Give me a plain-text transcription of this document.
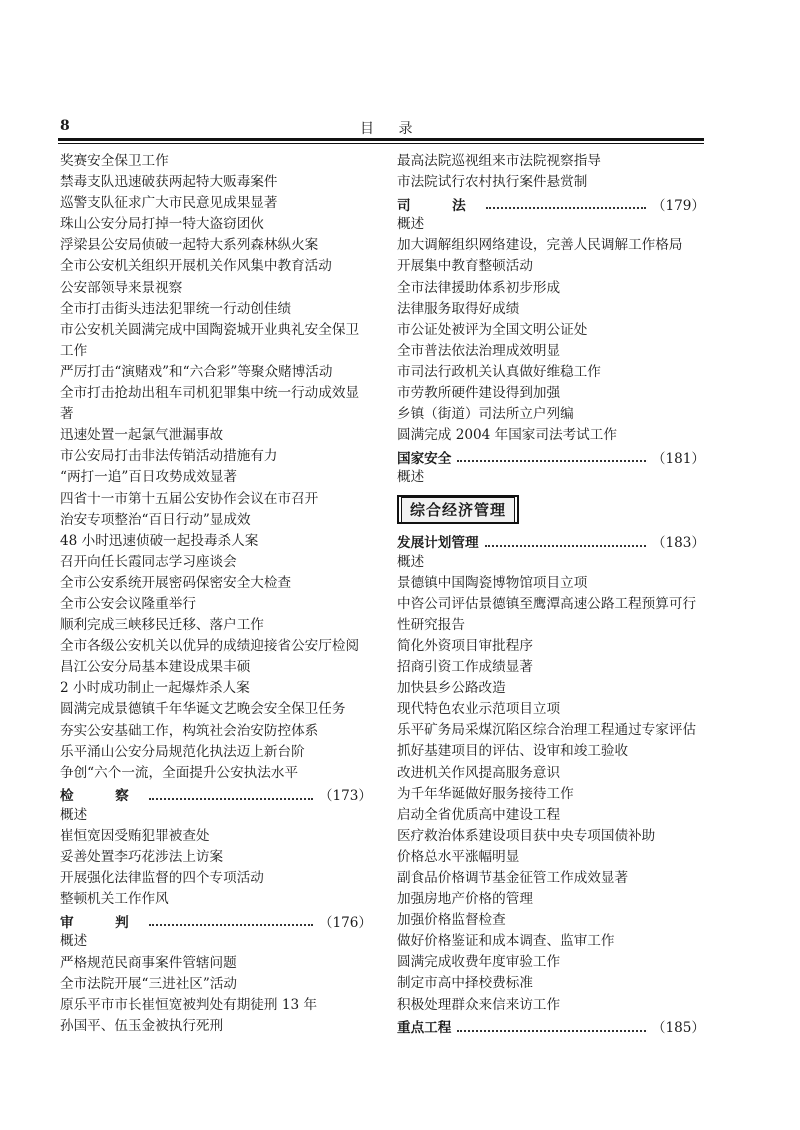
8	目 录
奖赛安全保卫工作
禁毒支队迅速破获两起特大贩毒案件
巡警支队征求广大市民意见成果显著
珠山公安分局打掉一特大盗窃团伙
浮梁县公安局侦破一起特大系列森林纵火案
全市公安机关组织开展机关作风集中教育活动
公安部领导来景视察
全市打击街头违法犯罪统一行动创佳绩
市公安机关圆满完成中国陶瓷城开业典礼安全保卫工作
严厉打击“演赌戏”和“六合彩”等聚众赌博活动
全市打击抢劫出租车司机犯罪集中统一行动成效显著
迅速处置一起氯气泄漏事故
市公安局打击非法传销活动措施有力
“两打一追”百日攻势成效显著
四省十一市第十五届公安协作会议在市召开
治安专项整治“百日行动”显成效
48 小时迅速侦破一起投毒杀人案
召开向任长霞同志学习座谈会
全市公安系统开展密码保密安全大检查
全市公安会议隆重举行
顺利完成三峡移民迁移、落户工作
全市各级公安机关以优异的成绩迎接省公安厅检阅
昌江公安分局基本建设成果丰硕
2 小时成功制止一起爆炸杀人案
圆满完成景德镇千年华诞文艺晚会安全保卫任务
夯实公安基础工作，构筑社会治安防控体系
乐平涌山公安分局规范化执法迈上新台阶
争创“六个一流，全面提升公安执法水平
检　察	（173）
概述
崔恒宽因受贿犯罪被查处
妥善处置李巧花涉法上访案
开展强化法律监督的四个专项活动
整顿机关工作作风
审　判	（176）
概述
严格规范民商事案件管辖问题
全市法院开展“三进社区”活动
原乐平市市长崔恒宽被判处有期徒刑 13 年
孙国平、伍玉金被执行死刑
最高法院巡视组来市法院视察指导
市法院试行农村执行案件悬赏制
司　法	（179）
概述
加大调解组织网络建设，完善人民调解工作格局
开展集中教育整顿活动
全市法律援助体系初步形成
法律服务取得好成绩
市公证处被评为全国文明公证处
全市普法依法治理成效明显
市司法行政机关认真做好维稳工作
市劳教所硬件建设得到加强
乡镇（街道）司法所立户列编
圆满完成 2004 年国家司法考试工作
国家安全	（181）
概述
综合经济管理
发展计划管理	（183）
概述
景德镇中国陶瓷博物馆项目立项
中咨公司评估景德镇至鹰潭高速公路工程预算可行性研究报告
简化外资项目审批程序
招商引资工作成绩显著
加快县乡公路改造
现代特色农业示范项目立项
乐平矿务局采煤沉陷区综合治理工程通过专家评估
抓好基建项目的评估、设审和竣工验收
改进机关作风提高服务意识
为千年华诞做好服务接待工作
启动全省优质高中建设工程
医疗救治体系建设项目获中央专项国债补助
价格总水平涨幅明显
副食品价格调节基金征管工作成效显著
加强房地产价格的管理
加强价格监督检查
做好价格鉴证和成本调查、监审工作
圆满完成收费年度审验工作
制定市高中择校费标准
积极处理群众来信来访工作
重点工程	（185）
